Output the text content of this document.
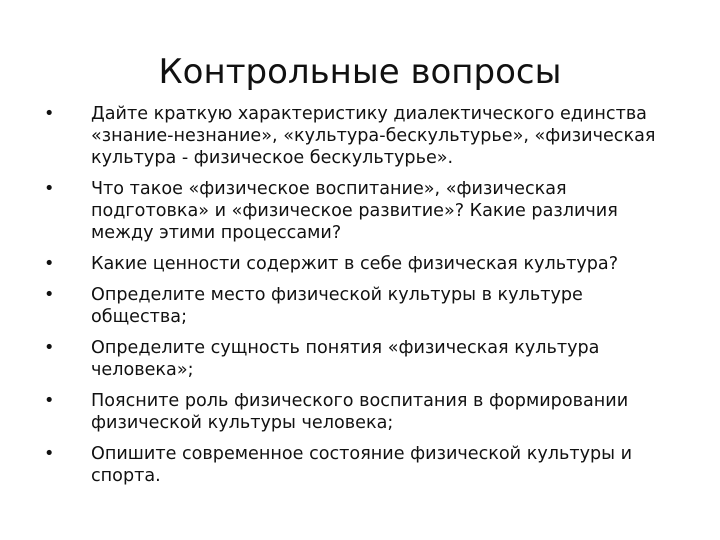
Контрольные вопросы
• Дайте краткую характеристику диалектического единства «знание-незнание», «культура-бескультурье», «физическая культура - физическое бескультурье».
• Что такое «физическое воспитание», «физическая подготовка» и «физическое развитие»? Какие различия между этими процессами?
• Какие ценности содержит в себе физическая культура?
• Определите место физической культуры в культуре общества;
• Определите сущность понятия «физическая культура человека»;
• Поясните роль физического воспитания в формировании физической культуры человека;
• Опишите современное состояние физической культуры и спорта.
